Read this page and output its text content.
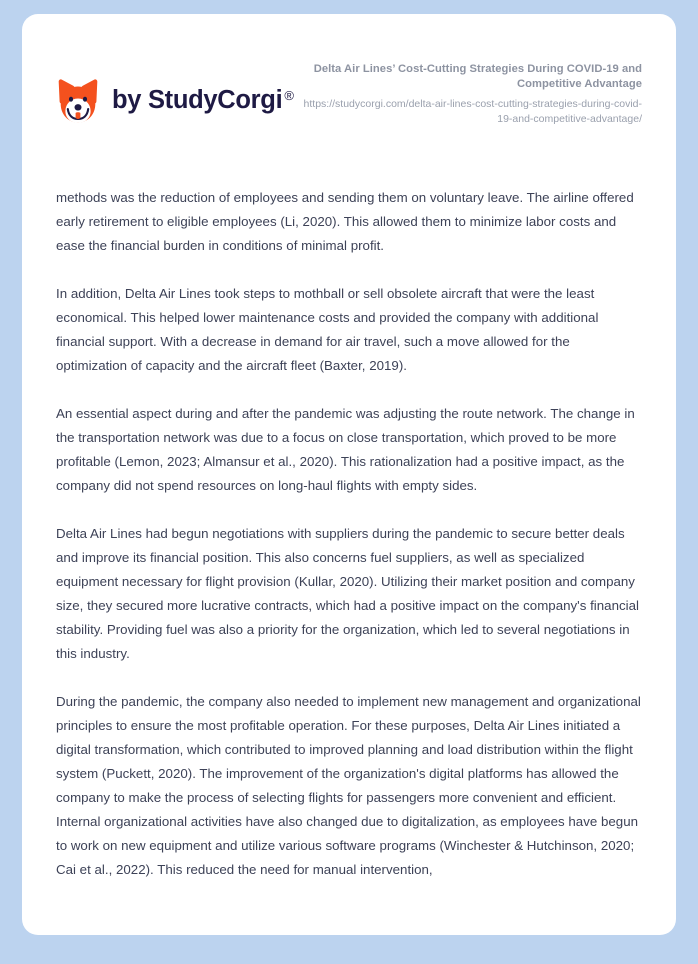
by StudyCorgi ®
Delta Air Lines’ Cost-Cutting Strategies During COVID-19 and Competitive Advantage
https://studycorgi.com/delta-air-lines-cost-cutting-strategies-during-covid-19-and-competitive-advantage/

methods was the reduction of employees and sending them on voluntary leave. The airline offered early retirement to eligible employees (Li, 2020). This allowed them to minimize labor costs and ease the financial burden in conditions of minimal profit.

In addition, Delta Air Lines took steps to mothball or sell obsolete aircraft that were the least economical. This helped lower maintenance costs and provided the company with additional financial support. With a decrease in demand for air travel, such a move allowed for the optimization of capacity and the aircraft fleet (Baxter, 2019).

An essential aspect during and after the pandemic was adjusting the route network. The change in the transportation network was due to a focus on close transportation, which proved to be more profitable (Lemon, 2023; Almansur et al., 2020). This rationalization had a positive impact, as the company did not spend resources on long-haul flights with empty sides.

Delta Air Lines had begun negotiations with suppliers during the pandemic to secure better deals and improve its financial position. This also concerns fuel suppliers, as well as specialized equipment necessary for flight provision (Kullar, 2020). Utilizing their market position and company size, they secured more lucrative contracts, which had a positive impact on the company's financial stability. Providing fuel was also a priority for the organization, which led to several negotiations in this industry.

During the pandemic, the company also needed to implement new management and organizational principles to ensure the most profitable operation. For these purposes, Delta Air Lines initiated a digital transformation, which contributed to improved planning and load distribution within the flight system (Puckett, 2020). The improvement of the organization's digital platforms has allowed the company to make the process of selecting flights for passengers more convenient and efficient. Internal organizational activities have also changed due to digitalization, as employees have begun to work on new equipment and utilize various software programs (Winchester & Hutchinson, 2020; Cai et al., 2022). This reduced the need for manual intervention,
